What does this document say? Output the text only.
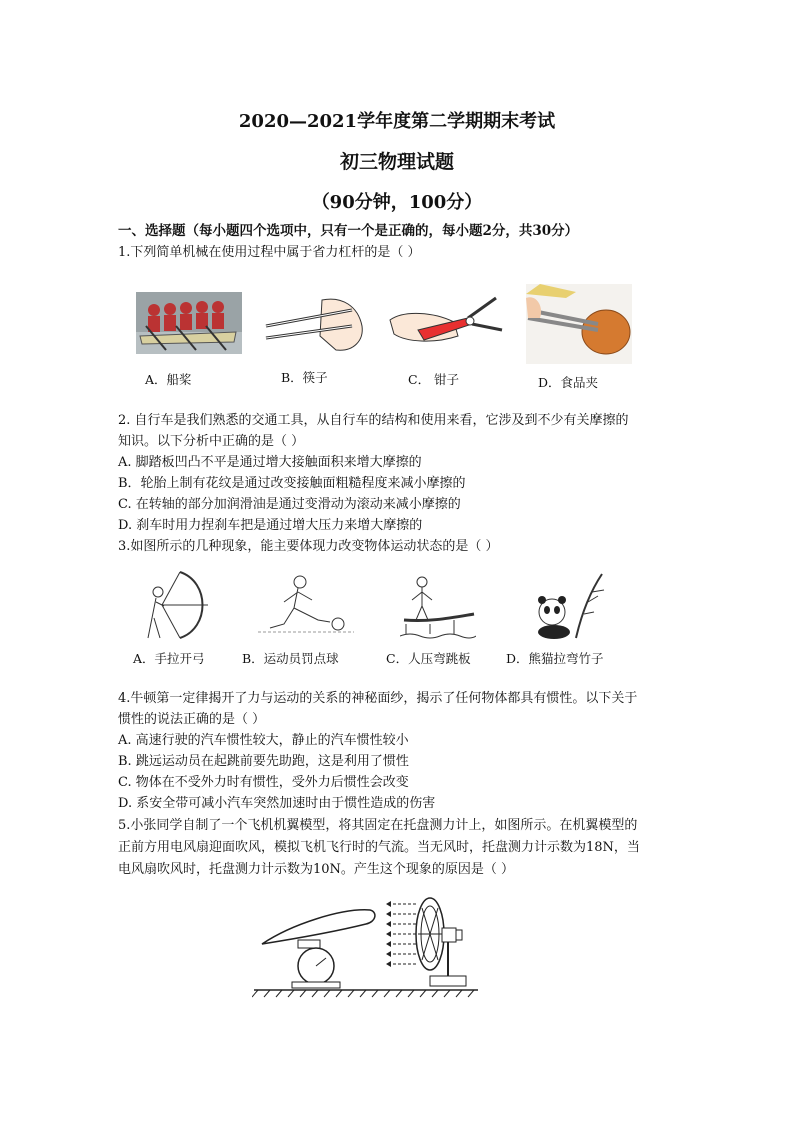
2020—2021学年度第二学期期末考试
初三物理试题
（90分钟，100分）
一、选择题（每小题四个选项中，只有一个是正确的，每小题2分，共30分）
1.下列简单机械在使用过程中属于省力杠杆的是（ ）
A．船桨	B．筷子	C． 钳子	D．食品夹
2. 自行车是我们熟悉的交通工具，从自行车的结构和使用来看，它涉及到不少有关摩擦的
知识。以下分析中正确的是（ ）
A. 脚踏板凹凸不平是通过增大接触面积来增大摩擦的
B．轮胎上制有花纹是通过改变接触面粗糙程度来减小摩擦的
C. 在转轴的部分加润滑油是通过变滑动为滚动来减小摩擦的
D. 刹车时用力捏刹车把是通过增大压力来增大摩擦的
3.如图所示的几种现象，能主要体现力改变物体运动状态的是（ ）
A．手拉开弓	B．运动员罚点球	C．人压弯跳板	D．熊猫拉弯竹子
4.牛顿第一定律揭开了力与运动的关系的神秘面纱，揭示了任何物体都具有惯性。以下关于
惯性的说法正确的是（ ）
A. 高速行驶的汽车惯性较大，静止的汽车惯性较小
B. 跳远运动员在起跳前要先助跑，这是利用了惯性
C. 物体在不受外力时有惯性，受外力后惯性会改变
D. 系安全带可减小汽车突然加速时由于惯性造成的伤害
5.小张同学自制了一个飞机机翼模型，将其固定在托盘测力计上，如图所示。在机翼模型的
正前方用电风扇迎面吹风，模拟飞机飞行时的气流。当无风时，托盘测力计示数为18N，当
电风扇吹风时，托盘测力计示数为10N。产生这个现象的原因是（ ）
